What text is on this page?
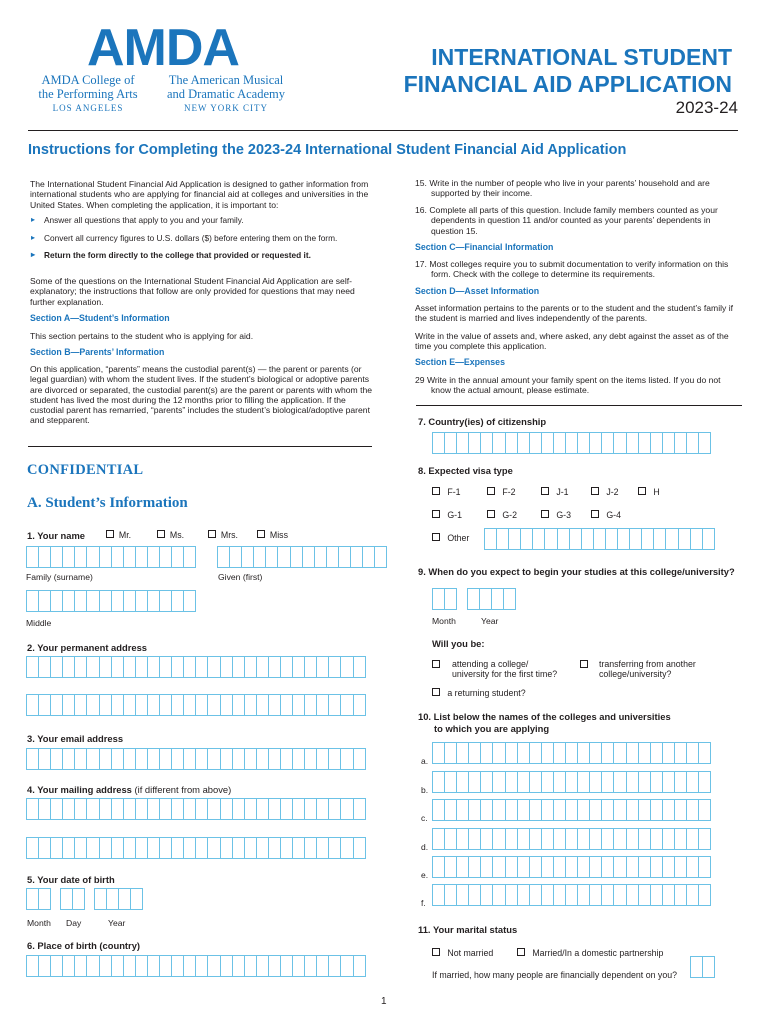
AMDA
AMDA College of
the Performing Arts
LOS ANGELES
The American Musical
and Dramatic Academy
NEW YORK CITY
INTERNATIONAL STUDENT
FINANCIAL AID APPLICATION
2023-24
Instructions for Completing the 2023-24 International Student Financial Aid Application
The International Student Financial Aid Application is designed to gather information from international students who are applying for financial aid at colleges and universities in the United States. When completing the application, it is important to:
▸ Answer all questions that apply to you and your family.
▸ Convert all currency figures to U.S. dollars ($) before entering them on the form.
▸ Return the form directly to the college that provided or requested it.
Some of the questions on the International Student Financial Aid Application are self-explanatory; the instructions that follow are only provided for questions that may need further explanation.
Section A—Student’s Information
This section pertains to the student who is applying for aid.
Section B—Parents’ Information
On this application, “parents” means the custodial parent(s) — the parent or parents (or legal guardian) with whom the student lives. If the student’s biological or adoptive parents are divorced or separated, the custodial parent(s) are the parent or parents with whom the student has lived the most during the 12 months prior to filling the application. If the custodial parent has remarried, “parents” includes the student’s biological/adoptive parent and stepparent.
15. Write in the number of people who live in your parents’ household and are supported by their income.
16. Complete all parts of this question. Include family members counted as your dependents in question 11 and/or counted as your parents’ dependents in question 15.
Section C—Financial Information
17. Most colleges require you to submit documentation to verify information on this form. Check with the college to determine its requirements.
Section D—Asset Information
Asset information pertains to the parents or to the student and the student’s family if the student is married and lives independently of the parents.
Write in the value of assets and, where asked, any debt against the asset as of the time you complete this application.
Section E—Expenses
29 Write in the annual amount your family spent on the items listed. If you do not know the actual amount, please estimate.
CONFIDENTIAL
A. Student’s Information
1. Your name	Mr.	Ms.	Mrs.	Miss
Family (surname)	Given (first)
Middle
2. Your permanent address
3. Your email address
4. Your mailing address (if different from above)
5. Your date of birth
Month Day	Year
6. Place of birth (country)
7. Country(ies) of citizenship
8. Expected visa type
F-1	F-2	J-1	J-2	H
G-1	G-2	G-3	G-4
Other
9. When do you expect to begin your studies at this college/university?
Month	Year
Will you be:
attending a college/
university for the first time?
transferring from another
college/university?
a returning student?
10. List below the names of the colleges and universities
to which you are applying
a.
b.
c.
d.
e.
f.
11. Your marital status
Not married	Married/In a domestic partnership
If married, how many people are financially dependent on you?
1
